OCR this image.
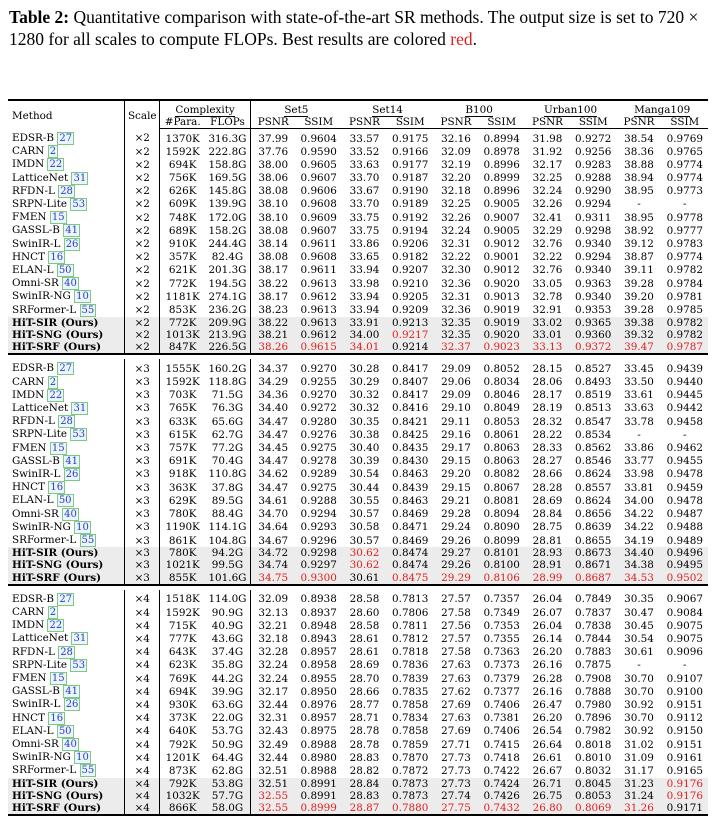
Table 2: Quantitative comparison with state-of-the-art SR methods. The output size is set to 720 × 1280 for all scales to compute FLOPs. Best results are colored red.

Method	Scale	Complexity		Set5		Set14		B100		Urban100		Manga109	
		#Para.	FLOPs	PSNR	SSIM	PSNR	SSIM	PSNR	SSIM	PSNR	SSIM	PSNR	SSIM
EDSR-B 27	×2	1370K	316.3G	37.99	0.9604	33.57	0.9175	32.16	0.8994	31.98	0.9272	38.54	0.9769
CARN 2	×2	1592K	222.8G	37.76	0.9590	33.52	0.9166	32.09	0.8978	31.92	0.9256	38.36	0.9765
IMDN 22	×2	694K	158.8G	38.00	0.9605	33.63	0.9177	32.19	0.8996	32.17	0.9283	38.88	0.9774
LatticeNet 31	×2	756K	169.5G	38.06	0.9607	33.70	0.9187	32.20	0.8999	32.25	0.9288	38.94	0.9774
RFDN-L 28	×2	626K	145.8G	38.08	0.9606	33.67	0.9190	32.18	0.8996	32.24	0.9290	38.95	0.9773
SRPN-Lite 53	×2	609K	139.9G	38.10	0.9608	33.70	0.9189	32.25	0.9005	32.26	0.9294	-	-
FMEN 15	×2	748K	172.0G	38.10	0.9609	33.75	0.9192	32.26	0.9007	32.41	0.9311	38.95	0.9778
GASSL-B 41	×2	689K	158.2G	38.08	0.9607	33.75	0.9194	32.24	0.9005	32.29	0.9298	38.92	0.9777
SwinIR-L 26	×2	910K	244.4G	38.14	0.9611	33.86	0.9206	32.31	0.9012	32.76	0.9340	39.12	0.9783
HNCT 16	×2	357K	82.4G	38.08	0.9608	33.65	0.9182	32.22	0.9001	32.22	0.9294	38.87	0.9774
ELAN-L 50	×2	621K	201.3G	38.17	0.9611	33.94	0.9207	32.30	0.9012	32.76	0.9340	39.11	0.9782
Omni-SR 40	×2	772K	194.5G	38.22	0.9613	33.98	0.9210	32.36	0.9020	33.05	0.9363	39.28	0.9784
SwinIR-NG 10	×2	1181K	274.1G	38.17	0.9612	33.94	0.9205	32.31	0.9013	32.78	0.9340	39.20	0.9781
SRFormer-L 55	×2	853K	236.2G	38.23	0.9613	33.94	0.9209	32.36	0.9019	32.91	0.9353	39.28	0.9785
HiT-SIR (Ours)	×2	772K	209.9G	38.22	0.9613	33.91	0.9213	32.35	0.9019	33.02	0.9365	39.38	0.9782
HiT-SNG (Ours)	×2	1013K	213.9G	38.21	0.9612	34.00	0.9217	32.35	0.9020	33.01	0.9360	39.32	0.9782
HiT-SRF (Ours)	×2	847K	226.5G	38.26	0.9615	34.01	0.9214	32.37	0.9023	33.13	0.9372	39.47	0.9787

EDSR-B 27	×3	1555K	160.2G	34.37	0.9270	30.28	0.8417	29.09	0.8052	28.15	0.8527	33.45	0.9439
CARN 2	×3	1592K	118.8G	34.29	0.9255	30.29	0.8407	29.06	0.8034	28.06	0.8493	33.50	0.9440
IMDN 22	×3	703K	71.5G	34.36	0.9270	30.32	0.8417	29.09	0.8046	28.17	0.8519	33.61	0.9445
LatticeNet 31	×3	765K	76.3G	34.40	0.9272	30.32	0.8416	29.10	0.8049	28.19	0.8513	33.63	0.9442
RFDN-L 28	×3	633K	65.6G	34.47	0.9280	30.35	0.8421	29.11	0.8053	28.32	0.8547	33.78	0.9458
SRPN-Lite 53	×3	615K	62.7G	34.47	0.9276	30.38	0.8425	29.16	0.8061	28.22	0.8534	-	-
FMEN 15	×3	757K	77.2G	34.45	0.9275	30.40	0.8435	29.17	0.8063	28.33	0.8562	33.86	0.9462
GASSL-B 41	×3	691K	70.4G	34.47	0.9278	30.39	0.8430	29.15	0.8063	28.27	0.8546	33.77	0.9455
SwinIR-L 26	×3	918K	110.8G	34.62	0.9289	30.54	0.8463	29.20	0.8082	28.66	0.8624	33.98	0.9478
HNCT 16	×3	363K	37.8G	34.47	0.9275	30.44	0.8439	29.15	0.8067	28.28	0.8557	33.81	0.9459
ELAN-L 50	×3	629K	89.5G	34.61	0.9288	30.55	0.8463	29.21	0.8081	28.69	0.8624	34.00	0.9478
Omni-SR 40	×3	780K	88.4G	34.70	0.9294	30.57	0.8469	29.28	0.8094	28.84	0.8656	34.22	0.9487
SwinIR-NG 10	×3	1190K	114.1G	34.64	0.9293	30.58	0.8471	29.24	0.8090	28.75	0.8639	34.22	0.9488
SRFormer-L 55	×3	861K	104.8G	34.67	0.9296	30.57	0.8469	29.26	0.8099	28.81	0.8655	34.19	0.9489
HiT-SIR (Ours)	×3	780K	94.2G	34.72	0.9298	30.62	0.8474	29.27	0.8101	28.93	0.8673	34.40	0.9496
HiT-SNG (Ours)	×3	1021K	99.5G	34.74	0.9297	30.62	0.8474	29.26	0.8100	28.91	0.8671	34.38	0.9495
HiT-SRF (Ours)	×3	855K	101.6G	34.75	0.9300	30.61	0.8475	29.29	0.8106	28.99	0.8687	34.53	0.9502

EDSR-B 27	×4	1518K	114.0G	32.09	0.8938	28.58	0.7813	27.57	0.7357	26.04	0.7849	30.35	0.9067
CARN 2	×4	1592K	90.9G	32.13	0.8937	28.60	0.7806	27.58	0.7349	26.07	0.7837	30.47	0.9084
IMDN 22	×4	715K	40.9G	32.21	0.8948	28.58	0.7811	27.56	0.7353	26.04	0.7838	30.45	0.9075
LatticeNet 31	×4	777K	43.6G	32.18	0.8943	28.61	0.7812	27.57	0.7355	26.14	0.7844	30.54	0.9075
RFDN-L 28	×4	643K	37.4G	32.28	0.8957	28.61	0.7818	27.58	0.7363	26.20	0.7883	30.61	0.9096
SRPN-Lite 53	×4	623K	35.8G	32.24	0.8958	28.69	0.7836	27.63	0.7373	26.16	0.7875	-	-
FMEN 15	×4	769K	44.2G	32.24	0.8955	28.70	0.7839	27.63	0.7379	26.28	0.7908	30.70	0.9107
GASSL-B 41	×4	694K	39.9G	32.17	0.8950	28.66	0.7835	27.62	0.7377	26.16	0.7888	30.70	0.9100
SwinIR-L 26	×4	930K	63.6G	32.44	0.8976	28.77	0.7858	27.69	0.7406	26.47	0.7980	30.92	0.9151
HNCT 16	×4	373K	22.0G	32.31	0.8957	28.71	0.7834	27.63	0.7381	26.20	0.7896	30.70	0.9112
ELAN-L 50	×4	640K	53.7G	32.43	0.8975	28.78	0.7858	27.69	0.7406	26.54	0.7982	30.92	0.9150
Omni-SR 40	×4	792K	50.9G	32.49	0.8988	28.78	0.7859	27.71	0.7415	26.64	0.8018	31.02	0.9151
SwinIR-NG 10	×4	1201K	64.4G	32.44	0.8980	28.83	0.7870	27.73	0.7418	26.61	0.8010	31.09	0.9161
SRFormer-L 55	×4	873K	62.8G	32.51	0.8988	28.82	0.7872	27.73	0.7422	26.67	0.8032	31.17	0.9165
HiT-SIR (Ours)	×4	792K	53.8G	32.51	0.8991	28.84	0.7873	27.73	0.7424	26.71	0.8045	31.23	0.9176
HiT-SNG (Ours)	×4	1032K	57.7G	32.55	0.8991	28.83	0.7873	27.74	0.7426	26.75	0.8053	31.24	0.9176
HiT-SRF (Ours)	×4	866K	58.0G	32.55	0.8999	28.87	0.7880	27.75	0.7432	26.80	0.8069	31.26	0.9171
